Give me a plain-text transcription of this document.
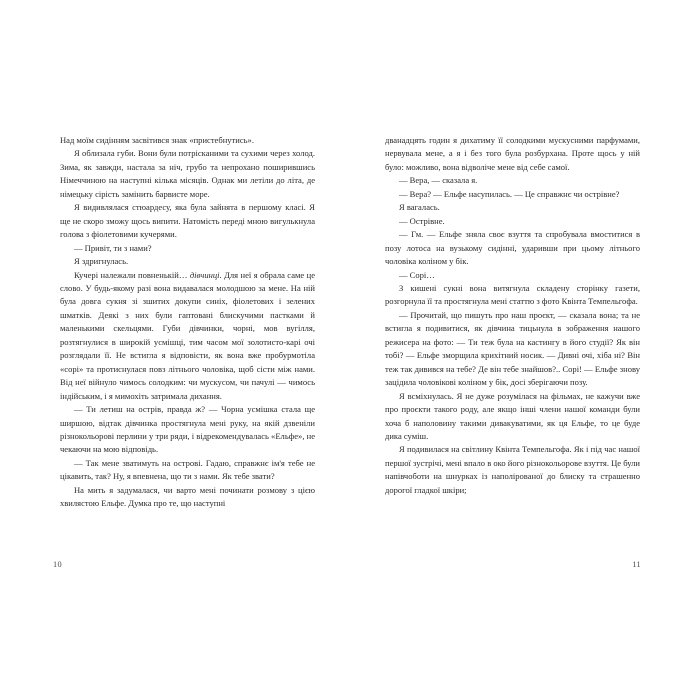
Над моїм сидінням засвітився знак «пристебнутись».

Я облизала губи. Вони були потрісканими та сухими через холод. Зима, як завжди, настала за ніч, грубо та непрохано поширившись Німеччиною на наступні кілька місяців. Однак ми летіли до літа, де німецьку сірість замінить барвисте море.

Я видивлялася стюардесу, яка була зайнята в першому класі. Я ще не скоро зможу щось випити. Натомість переді мною вигулькнула голова з фіолетовими кучерями.

— Привіт, ти з нами?

Я здригнулась.

Кучері належали повненькій… дівчинці. Для неї я обрала саме це слово. У будь-якому разі вона видавалася молодшою за мене. На ній була довга сукня зі зшитих докупи синіх, фіолетових і зелених шматків. Деякі з них були гаптовані блискучими пастками й маленькими скельцями. Губи дівчинки, чорні, мов вугілля, розтягнулися в широкій усмішці, тим часом мої золотисто-карі очі розглядали її. Не встигла я відповісти, як вона вже пробурмотіла «сорі» та протиснулася повз літнього чоловіка, щоб сісти між нами. Від неї війнуло чимось солодким: чи мускусом, чи пачулі — чимось індійським, і я мимохіть затримала дихання.

— Ти летиш на острів, правда ж? — Чорна усмішка стала ще ширшою, відтак дівчинка простягнула мені руку, на якій дзвеніли різнокольорові перлини у три ряди, і відрекомендувалась «Ельфе», не чекаючи на мою відповідь.

— Так мене зватимуть на острові. Гадаю, справжнє ім'я тебе не цікавить, так? Ну, я впевнена, що ти з нами. Як тебе звати?

На мить я задумалася, чи варто мені починати розмову з цією хвилястою Ельфе. Думка про те, що наступні

10

дванадцять годин я дихатиму її солодкими мускусними парфумами, нервувала мене, а я і без того була розбурхана. Проте щось у ній було: можливо, вона відволіче мене від себе самої.

— Вера, — сказала я.

— Вера? — Ельфе насупилась. — Це справжнє чи острівне?

Я вагалась.

— Острівне.

— Гм. — Ельфе зняла своє взуття та спробувала вмоститися в позу лотоса на вузькому сидінні, ударивши при цьому літнього чоловіка коліном у бік.

— Сорі…

З кишені сукні вона витягнула складену сторінку газети, розгорнула її та простягнула мені статтю з фото Квінта Темпельгофа.

— Прочитай, що пишуть про наш проєкт, — сказала вона; та не встигла я подивитися, як дівчина тицьнула в зображення нашого режисера на фото: — Ти теж була на кастингу в його студії? Як він тобі? — Ельфе зморщила крихітний носик. — Дивні очі, хіба ні? Він теж так дивився на тебе? Де він тебе знайшов?.. Сорі! — Ельфе знову зацідила чоловікові коліном у бік, досі зберігаючи позу.

Я всміхнулась. Я не дуже розумілася на фільмах, не кажучи вже про проєкти такого роду, але якщо інші члени нашої команди були хоча б наполовину такими дивакуватими, як ця Ельфе, то це буде дика суміш.

Я подивилася на світлину Квінта Темпельгофа. Як і під час нашої першої зустрічі, мені впало в око його різнокольорове взуття. Це були напівчоботи на шнурках із наполірованої до блиску та страшенно дорогої гладкої шкіри;

11
